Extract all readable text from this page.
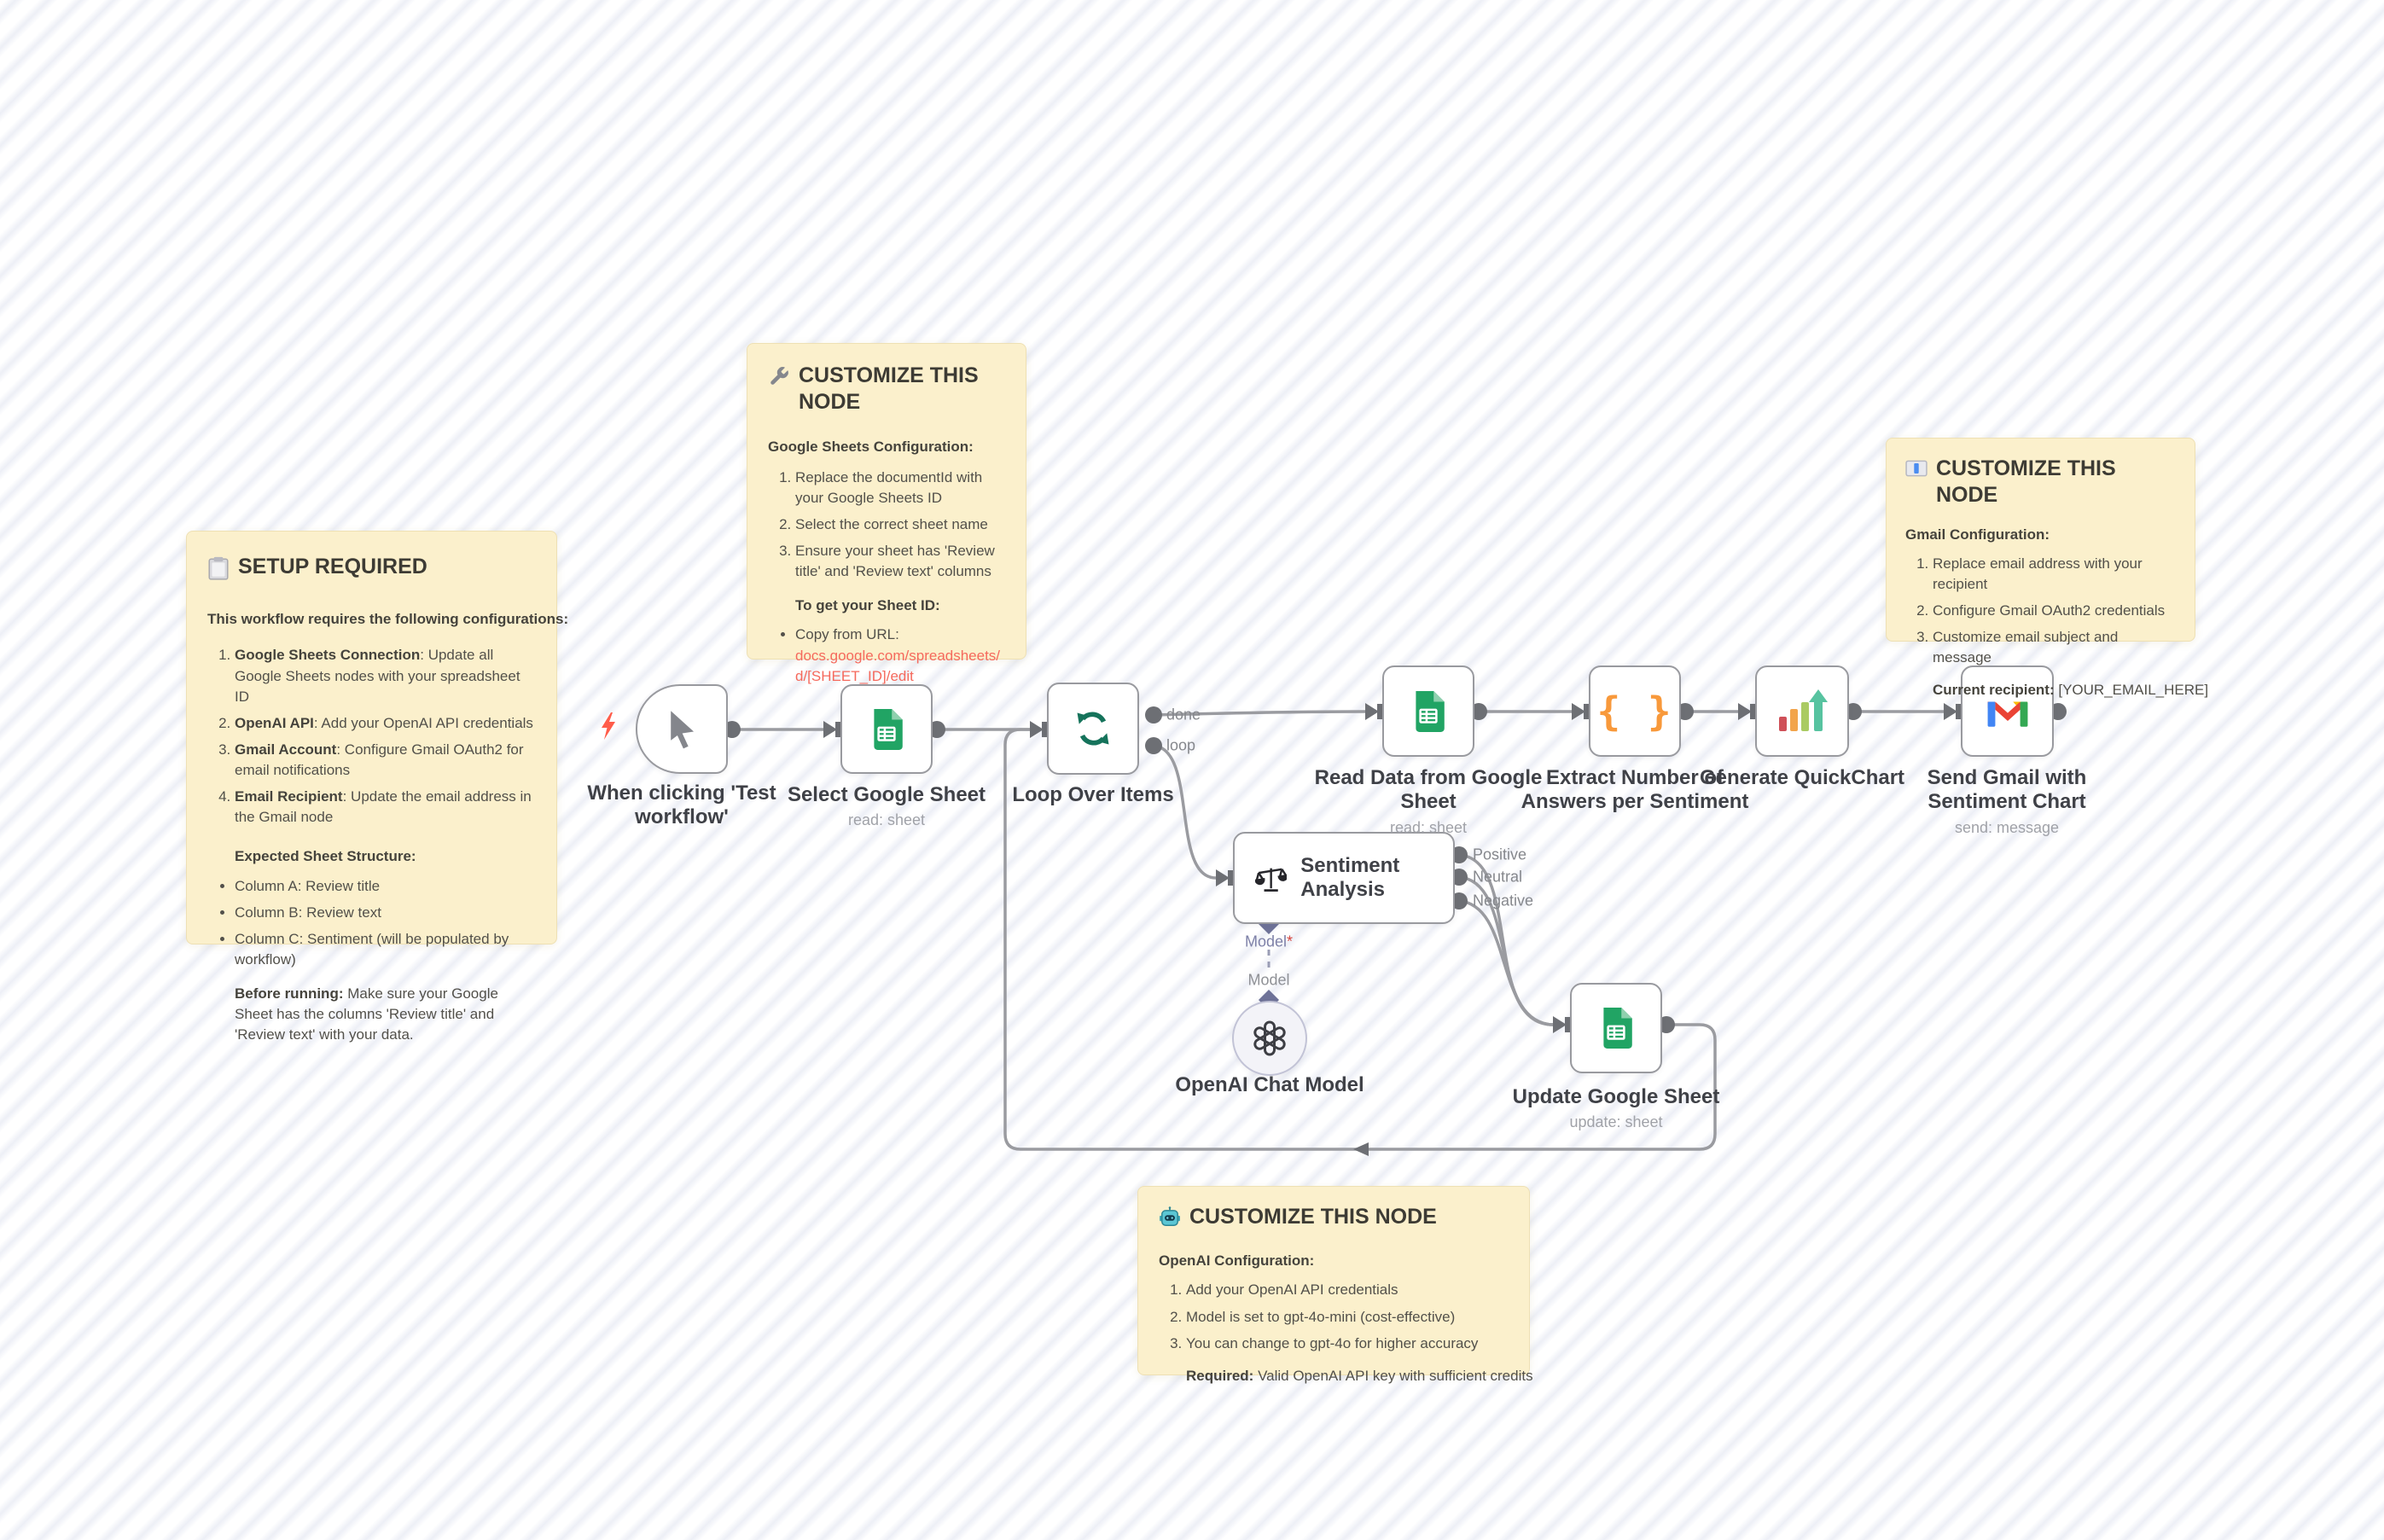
SETUP REQUIRED
This workflow requires the following configurations:
1. Google Sheets Connection: Update all Google Sheets nodes with your spreadsheet ID
2. OpenAI API: Add your OpenAI API credentials
3. Gmail Account: Configure Gmail OAuth2 for email notifications
4. Email Recipient: Update the email address in the Gmail node
Expected Sheet Structure:
• Column A: Review title
• Column B: Review text
• Column C: Sentiment (will be populated by workflow)
Before running: Make sure your Google Sheet has the columns 'Review title' and 'Review text' with your data.
CUSTOMIZE THIS NODE
Google Sheets Configuration:
1. Replace the documentId with your Google Sheets ID
2. Select the correct sheet name
3. Ensure your sheet has 'Review title' and 'Review text' columns
To get your Sheet ID:
• Copy from URL:
docs.google.com/spreadsheets/d/[SHEET_ID]/edit
CUSTOMIZE THIS NODE
Gmail Configuration:
1. Replace email address with your recipient
2. Configure Gmail OAuth2 credentials
3. Customize email subject and message
Current recipient: [YOUR_EMAIL_HERE]
CUSTOMIZE THIS NODE
OpenAI Configuration:
1. Add your OpenAI API credentials
2. Model is set to gpt-4o-mini (cost-effective)
3. You can change to gpt-4o for higher accuracy
Required: Valid OpenAI API key with sufficient credits
{ }
Sentiment Analysis
When clicking 'Test workflow'
Select Google Sheet
read: sheet
Loop Over Items
Read Data from Google Sheet
read: sheet
Extract Number of Answers per Sentiment
Generate QuickChart	Send Gmail with Sentiment Chart
send: message
OpenAI Chat Model
Update Google Sheet
update: sheet
done
loop
Positive
Neutral
Negative
Model*
Model
